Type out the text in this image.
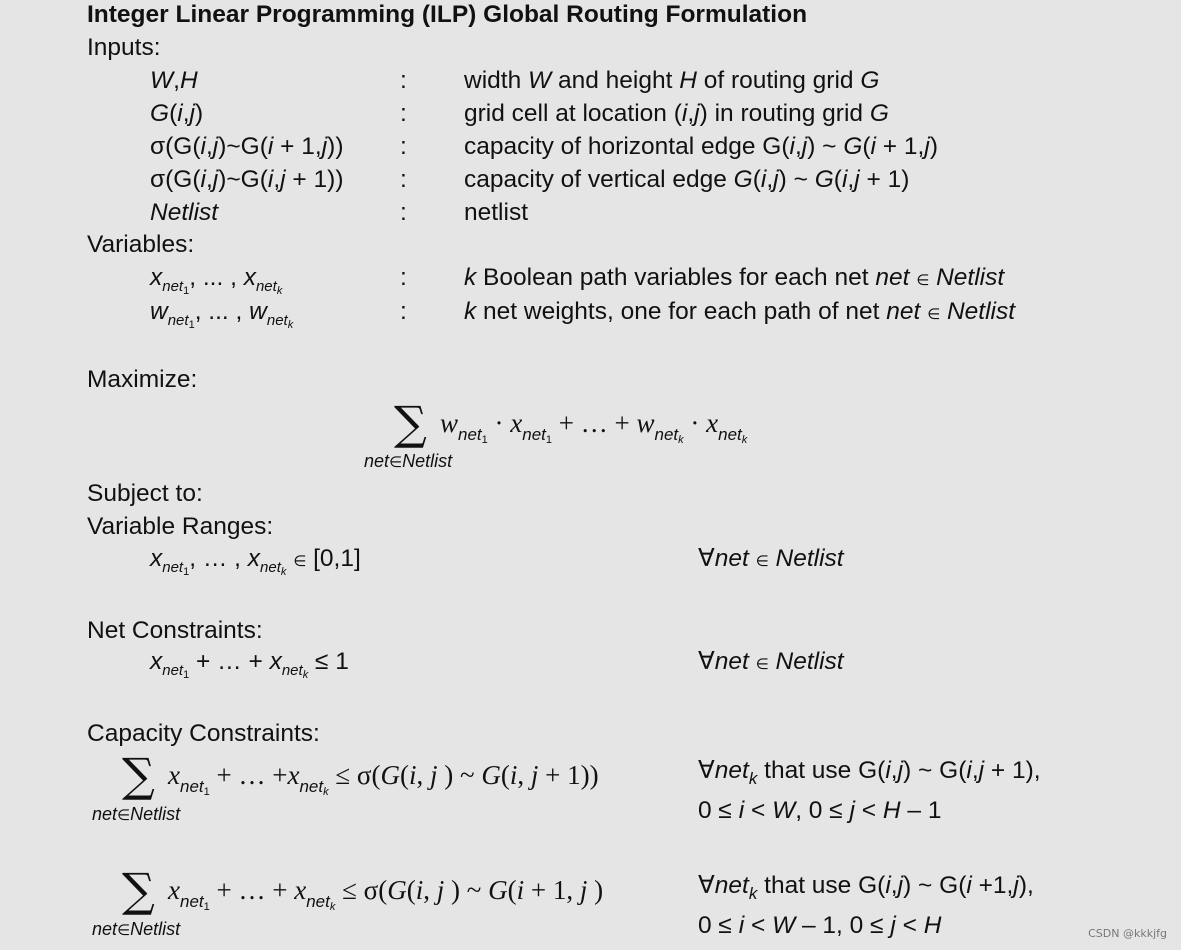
Integer Linear Programming (ILP) Global Routing Formulation
Inputs:
W,H	: width W and height H of routing grid G
G(i,j)	: grid cell at location (i,j) in routing grid G
σ(G(i,j)~G(i + 1,j)) : capacity of horizontal edge G(i,j) ~ G(i + 1,j)
σ(G(i,j)~G(i,j + 1)) : capacity of vertical edge G(i,j) ~ G(i,j + 1)
Netlist	: netlist
Variables:
$x_{net_1}$, ... , $x_{net_k}$	: k Boolean path variables for each net net ∈ Netlist
$w_{net_1}$, ... , $w_{net_k}$	: k net weights, one for each path of net net ∈ Netlist
Maximize:
∑ $w_{net1} \cdot x_{net1}$ + … + $w_{netk} \cdot x_{netk}$
net∈Netlist
Subject to:
Variable Ranges:
$x_{net_1}$, … , $x_{net_k}$ ∈ [0,1]	∀net ∈ Netlist
Net Constraints:
$x_{net_1}$ + … + $x_{net_k} \le 1$	∀net ∈ Netlist
Capacity Constraints:
∑ $x_{net1}$ + … $+x_{netk} \le \sigma(G(i$, j ) ~ G(i, j + 1))
net∈Netlist
∀net$_k$ that use G(i,j) ~ G(i,j + 1),
0 ≤ i < W, 0 ≤ j < H – 1
∑ $x_{net1}$ + … + $x_{netk} \le \sigma(G(i$, j ) ~ G(i + 1, j )
net∈Netlist
∀net$_k$ that use G(i,j) ~ G(i +1,j),
0 ≤ i < W – 1, 0 ≤ j < H	CSDN @kkkjfg
